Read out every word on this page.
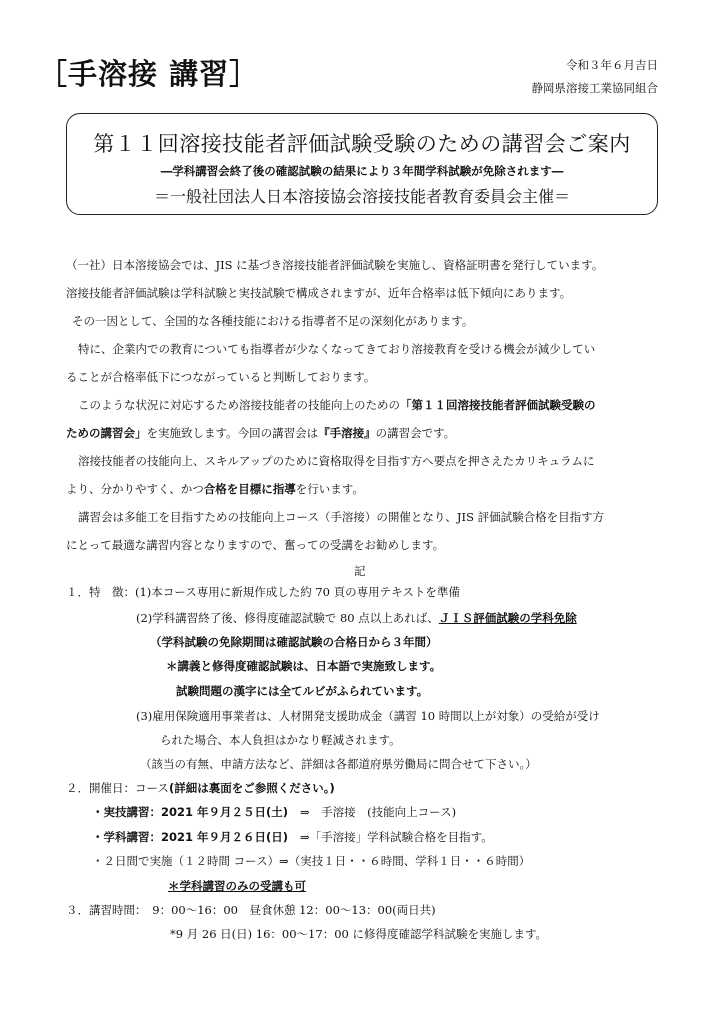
［手溶接 講習］	令和３年６月吉日
静岡県溶接工業協同組合
第１１回溶接技能者評価試験受験のための講習会ご案内
―学科講習会終了後の確認試験の結果により３年間学科試験が免除されます―
＝一般社団法人日本溶接協会溶接技能者教育委員会主催＝
（一社）日本溶接協会では、JIS に基づき溶接技能者評価試験を実施し、資格証明書を発行しています。
溶接技能者評価試験は学科試験と実技試験で構成されますが、近年合格率は低下傾向にあります。
その一因として、全国的な各種技能における指導者不足の深刻化があります。
特に、企業内での教育についても指導者が少なくなってきており溶接教育を受ける機会が減少してい
ることが合格率低下につながっていると判断しております。
このような状況に対応するため溶接技能者の技能向上のための「第１１回溶接技能者評価試験受験の
ための講習会」を実施致します。今回の講習会は『手溶接』の講習会です。
溶接技能者の技能向上、スキルアップのために資格取得を目指す方へ要点を押さえたカリキュラムに
より、分かりやすく、かつ合格を目標に指導を行います。
講習会は多能工を目指すための技能向上コース（手溶接）の開催となり、JIS 評価試験合格を目指す方
にとって最適な講習内容となりますので、奮っての受講をお勧めします。
記
１．特　徴：(1)本コース専用に新規作成した約 70 頁の専用テキストを準備
(2)学科講習終了後、修得度確認試験で 80 点以上あれば、ＪＩＳ評価試験の学科免除
（学科試験の免除期間は確認試験の合格日から３年間）
＊講義と修得度確認試験は、日本語で実施致します。
試験問題の漢字には全てルビがふられています。
(3)雇用保険適用事業者は、人材開発支援助成金（講習 10 時間以上が対象）の受給が受け
られた場合、本人負担はかなり軽減されます。
（該当の有無、申請方法など、詳細は各都道府県労働局に問合せて下さい。）
２．開催日：コース(詳細は裏面をご参照ください。)
・実技講習：2021 年９月２５日(土) ⇒　手溶接　(技能向上コース)
・学科講習：2021 年９月２６日(日) ⇒「手溶接」学科試験合格を目指す。
・２日間で実施（１２時間 コース）⇒（実技１日・・６時間、学科１日・・６時間）
＊学科講習のみの受講も可
３．講習時間：　9：00～16：00　昼食休憩 12：00～13：00(両日共)
*9 月 26 日(日) 16：00～17：00 に修得度確認学科試験を実施します。
